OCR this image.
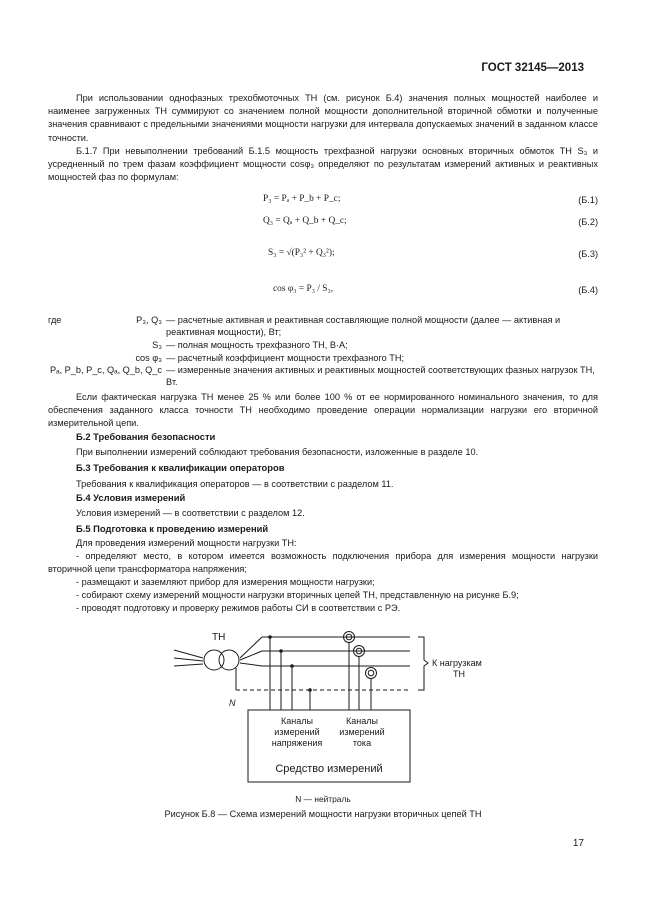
ГОСТ 32145—2013
При использовании однофазных трехобмоточных ТН (см. рисунок Б.4) значения полных мощностей наиболее и наименее загруженных ТН суммируют со значением полной мощности дополнительной вторичной обмотки и полученные значения сравнивают с предельными значениями мощности нагрузки для интервала допускаемых значений в заданном классе точности.
Б.1.7 При невыполнении требований Б.1.5 мощность трехфазной нагрузки основных вторичных обмоток ТН S₃ и усредненный по трем фазам коэффициент мощности cosφ₃ определяют по результатам измерений активных и реактивных мощностей фаз по формулам:
P₃ = Pₐ + P_b + P_c;	(Б.1)
Q₃ = Qₐ + Q_b + Q_c;	(Б.2)
S₃ = √(P₃² + Q₃²);	(Б.3)
cos φ₃ = P₃ / S₃,	(Б.4)
где	P₃, Q₃ — расчетные активная и реактивная составляющие полной мощности (далее — активная и реактивная мощности), Вт;
S₃ — полная мощность трехфазного ТН, В·А;
cos φ₃ — расчетный коэффициент мощности трехфазного ТН;
Pₐ, P_b, P_c, Qₐ, Q_b, Q_c — измеренные значения активных и реактивных мощностей соответствующих фазных нагрузок ТН, Вт.
Если фактическая нагрузка ТН менее 25 % или более 100 % от ее нормированного номинального значения, то для обеспечения заданного класса точности ТН необходимо проведение операции нормализации нагрузки его вторичной измерительной цепи.
Б.2 Требования безопасности
При выполнении измерений соблюдают требования безопасности, изложенные в разделе 10.
Б.3 Требования к квалификации операторов
Требования к квалификация операторов — в соответствии с разделом 11.
Б.4 Условия измерений
Условия измерений — в соответствии с разделом 12.
Б.5 Подготовка к проведению измерений
Для проведения измерений мощности нагрузки ТН:
- определяют место, в котором имеется возможность подключения прибора для измерения мощности нагрузки вторичной цепи трансформатора напряжения;
- размещают и заземляют прибор для измерения мощности нагрузки;
- собирают схему измерений мощности нагрузки вторичных цепей ТН, представленную на рисунке Б.9;
- проводят подготовку и проверку режимов работы СИ в соответствии с РЭ.
ТН
N
К нагрузкам
ТН
Каналы
измерений
напряжения
Каналы
измерений
тока
Средство измерений
N — нейтраль
Рисунок Б.8 — Схема измерений мощности нагрузки вторичных цепей ТН
17
